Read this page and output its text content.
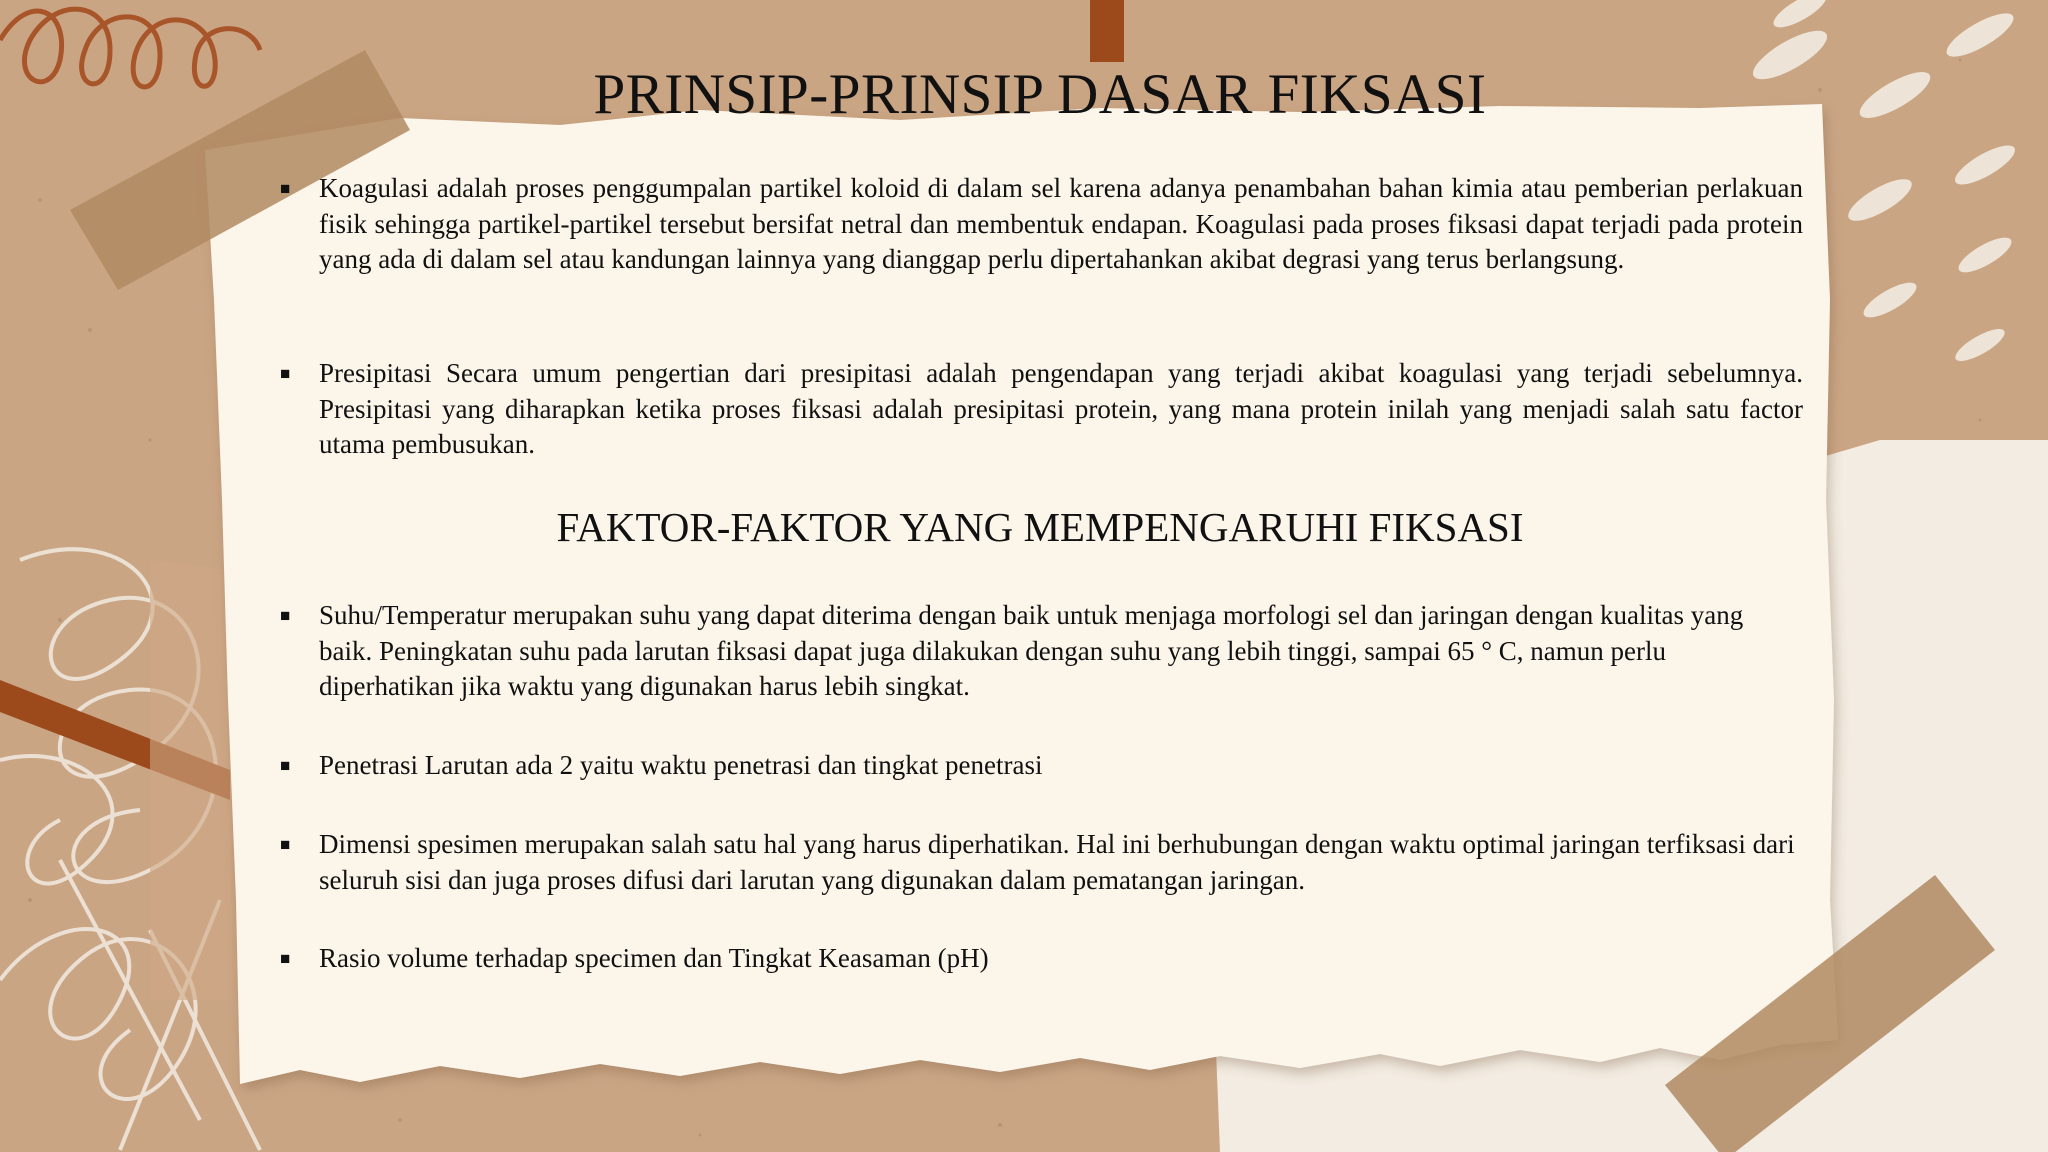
PRINSIP-PRINSIP DASAR FIKSASI
■	Koagulasi adalah proses penggumpalan partikel koloid di dalam sel karena adanya penambahan bahan kimia atau pemberian perlakuan fisik sehingga partikel-partikel tersebut bersifat netral dan membentuk endapan. Koagulasi pada proses fiksasi dapat terjadi pada protein yang ada di dalam sel atau kandungan lainnya yang dianggap perlu dipertahankan akibat degrasi yang terus berlangsung.
■	Presipitasi Secara umum pengertian dari presipitasi adalah pengendapan yang terjadi akibat koagulasi yang terjadi sebelumnya. Presipitasi yang diharapkan ketika proses fiksasi adalah presipitasi protein, yang mana protein inilah yang menjadi salah satu factor utama pembusukan.
FAKTOR-FAKTOR YANG MEMPENGARUHI FIKSASI
■	Suhu/Temperatur merupakan suhu yang dapat diterima dengan baik untuk menjaga morfologi sel dan jaringan dengan kualitas yang baik. Peningkatan suhu pada larutan fiksasi dapat juga dilakukan dengan suhu yang lebih tinggi, sampai 65 ° C, namun perlu diperhatikan jika waktu yang digunakan harus lebih singkat.
■	Penetrasi Larutan ada 2 yaitu waktu penetrasi dan tingkat penetrasi
■	Dimensi spesimen merupakan salah satu hal yang harus diperhatikan. Hal ini berhubungan dengan waktu optimal jaringan terfiksasi dari seluruh sisi dan juga proses difusi dari larutan yang digunakan dalam pematangan jaringan.
■	Rasio volume terhadap specimen dan Tingkat Keasaman (pH)
